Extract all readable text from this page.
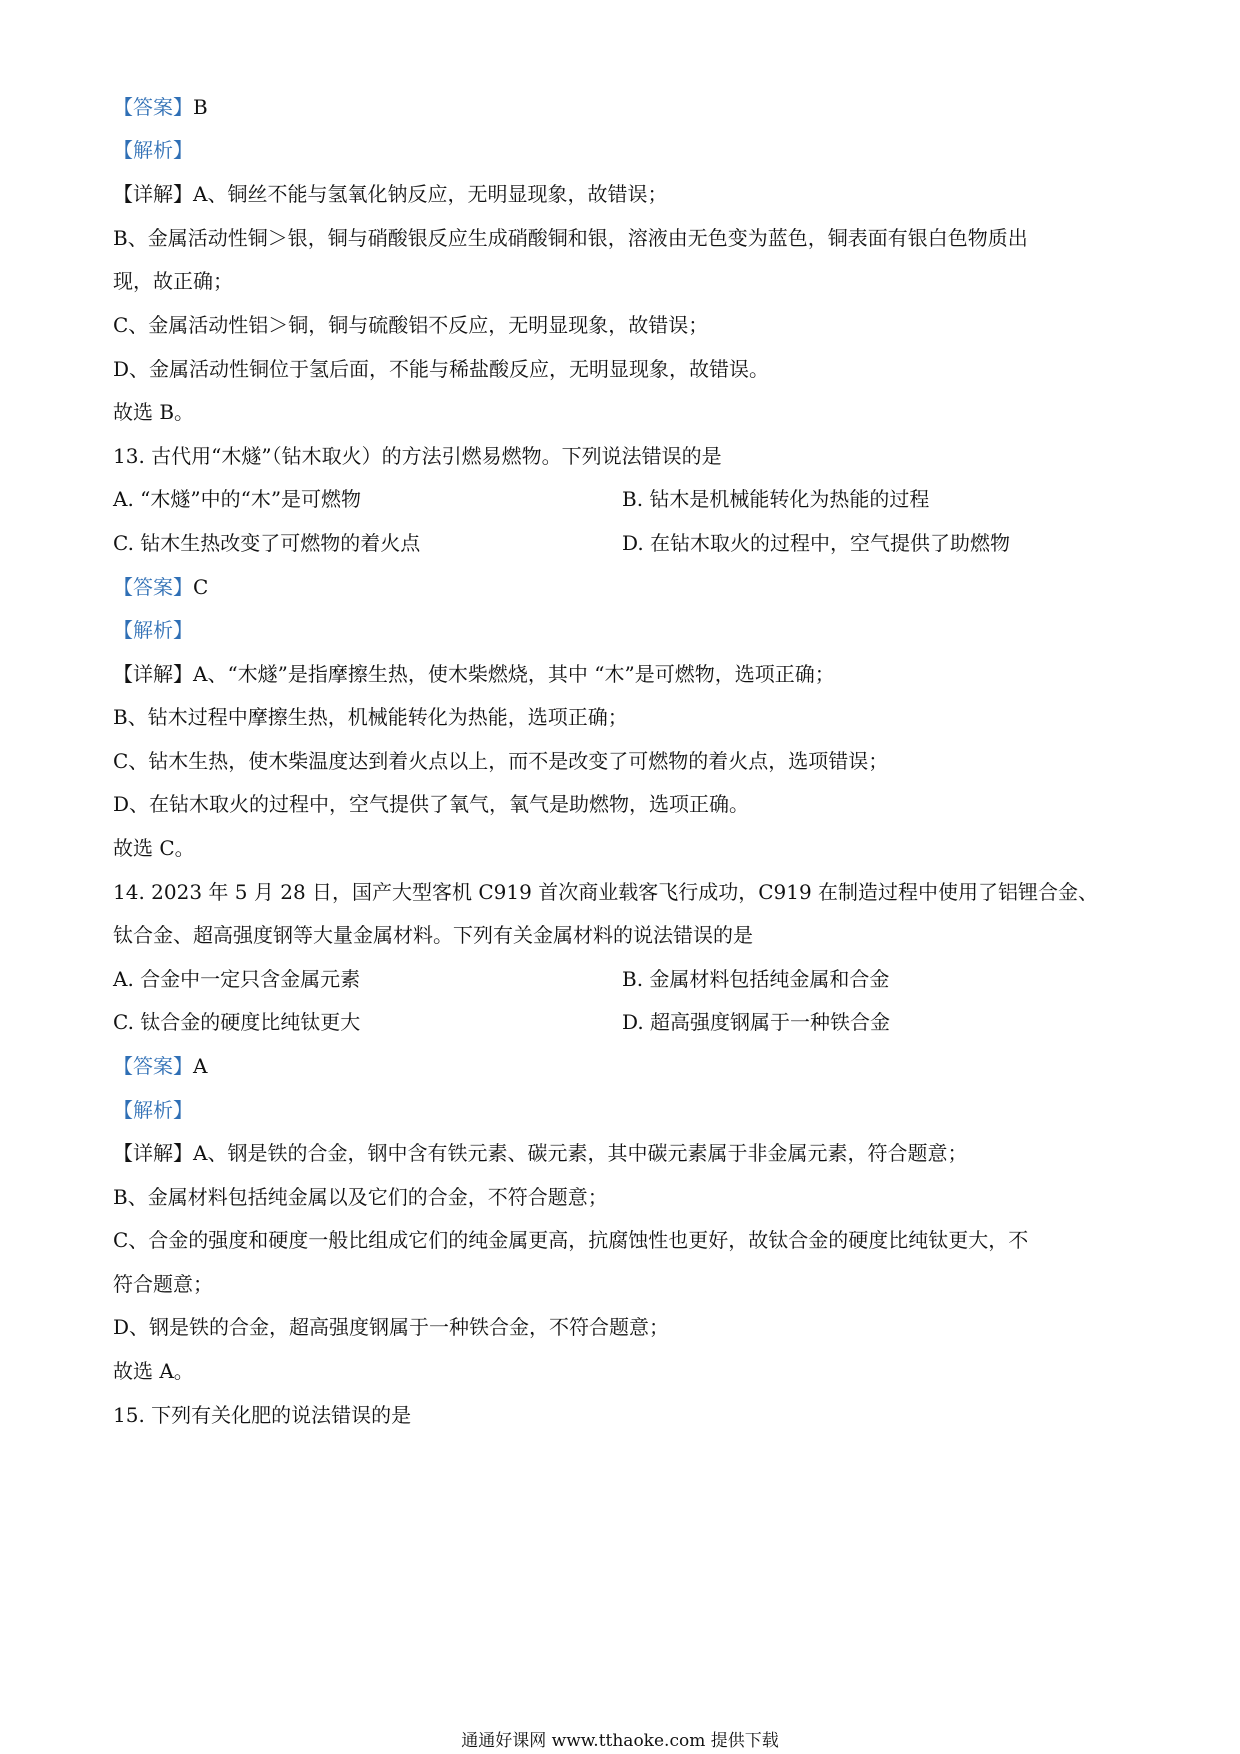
【答案】B
【解析】
【详解】A、铜丝不能与氢氧化钠反应，无明显现象，故错误；
B、金属活动性铜＞银，铜与硝酸银反应生成硝酸铜和银，溶液由无色变为蓝色，铜表面有银白色物质出
现，故正确；
C、金属活动性铝＞铜，铜与硫酸铝不反应，无明显现象，故错误；
D、金属活动性铜位于氢后面，不能与稀盐酸反应，无明显现象，故错误。
故选 B。
13. 古代用“木燧”（钻木取火）的方法引燃易燃物。下列说法错误的是
A. “木燧”中的“木”是可燃物	B. 钻木是机械能转化为热能的过程
C. 钻木生热改变了可燃物的着火点	D. 在钻木取火的过程中，空气提供了助燃物
【答案】C
【解析】
【详解】A、“木燧”是指摩擦生热，使木柴燃烧，其中 “木”是可燃物，选项正确；
B、钻木过程中摩擦生热，机械能转化为热能，选项正确；
C、钻木生热，使木柴温度达到着火点以上，而不是改变了可燃物的着火点，选项错误；
D、在钻木取火的过程中，空气提供了氧气，氧气是助燃物，选项正确。
故选 C。
14. 2023 年 5 月 28 日，国产大型客机 C919 首次商业载客飞行成功，C919 在制造过程中使用了铝锂合金、
钛合金、超高强度钢等大量金属材料。下列有关金属材料的说法错误的是
A. 合金中一定只含金属元素	B. 金属材料包括纯金属和合金
C. 钛合金的硬度比纯钛更大	D. 超高强度钢属于一种铁合金
【答案】A
【解析】
【详解】A、钢是铁的合金，钢中含有铁元素、碳元素，其中碳元素属于非金属元素，符合题意；
B、金属材料包括纯金属以及它们的合金，不符合题意；
C、合金的强度和硬度一般比组成它们的纯金属更高，抗腐蚀性也更好，故钛合金的硬度比纯钛更大，不
符合题意；
D、钢是铁的合金，超高强度钢属于一种铁合金，不符合题意；
故选 A。
15. 下列有关化肥的说法错误的是
通通好课网 www.tthaoke.com 提供下载
